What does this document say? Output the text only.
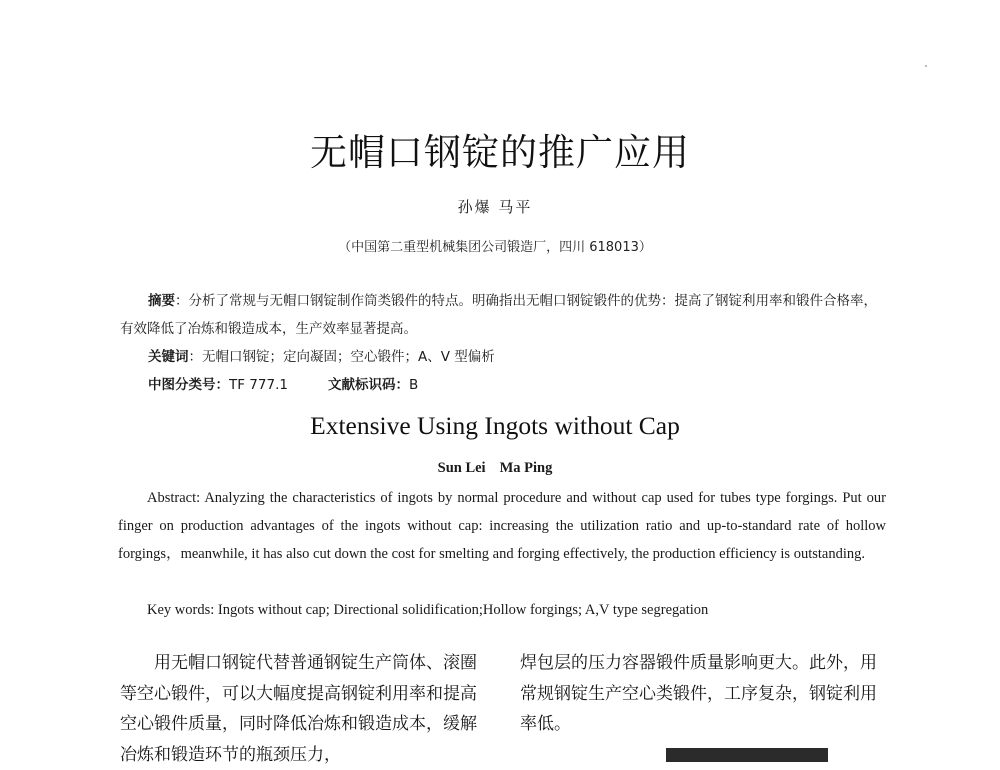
无帽口钢锭的推广应用
孙爆 马平
（中国第二重型机械集团公司锻造厂，四川 618013）
摘要：分析了常规与无帽口钢锭制作筒类锻件的特点。明确指出无帽口钢锭锻件的优势：提高了钢锭利用率和锻件合格率，有效降低了冶炼和锻造成本，生产效率显著提高。
关键词：无帽口钢锭；定向凝固；空心锻件；A、V 型偏析
中图分类号：TF 777.1	文献标识码：B
Extensive Using Ingots without Cap
Sun Lei Ma Ping
Abstract: Analyzing the characteristics of ingots by normal procedure and without cap used for tubes type forgings. Put our finger on production advantages of the ingots without cap: increasing the utilization ratio and up-to-standard rate of hollow forgings，meanwhile, it has also cut down the cost for smelting and forging effectively, the production efficiency is outstanding.
Key words: Ingots without cap; Directional solidification;Hollow forgings; A,V type segregation
用无帽口钢锭代替普通钢锭生产筒体、滚圈等空心锻件，可以大幅度提高钢锭利用率和提高空心锻件质量，同时降低冶炼和锻造成本，缓解冶炼和锻造环节的瓶颈压力，
焊包层的压力容器锻件质量影响更大。此外，用常规钢锭生产空心类锻件，工序复杂，钢锭利用率低。
